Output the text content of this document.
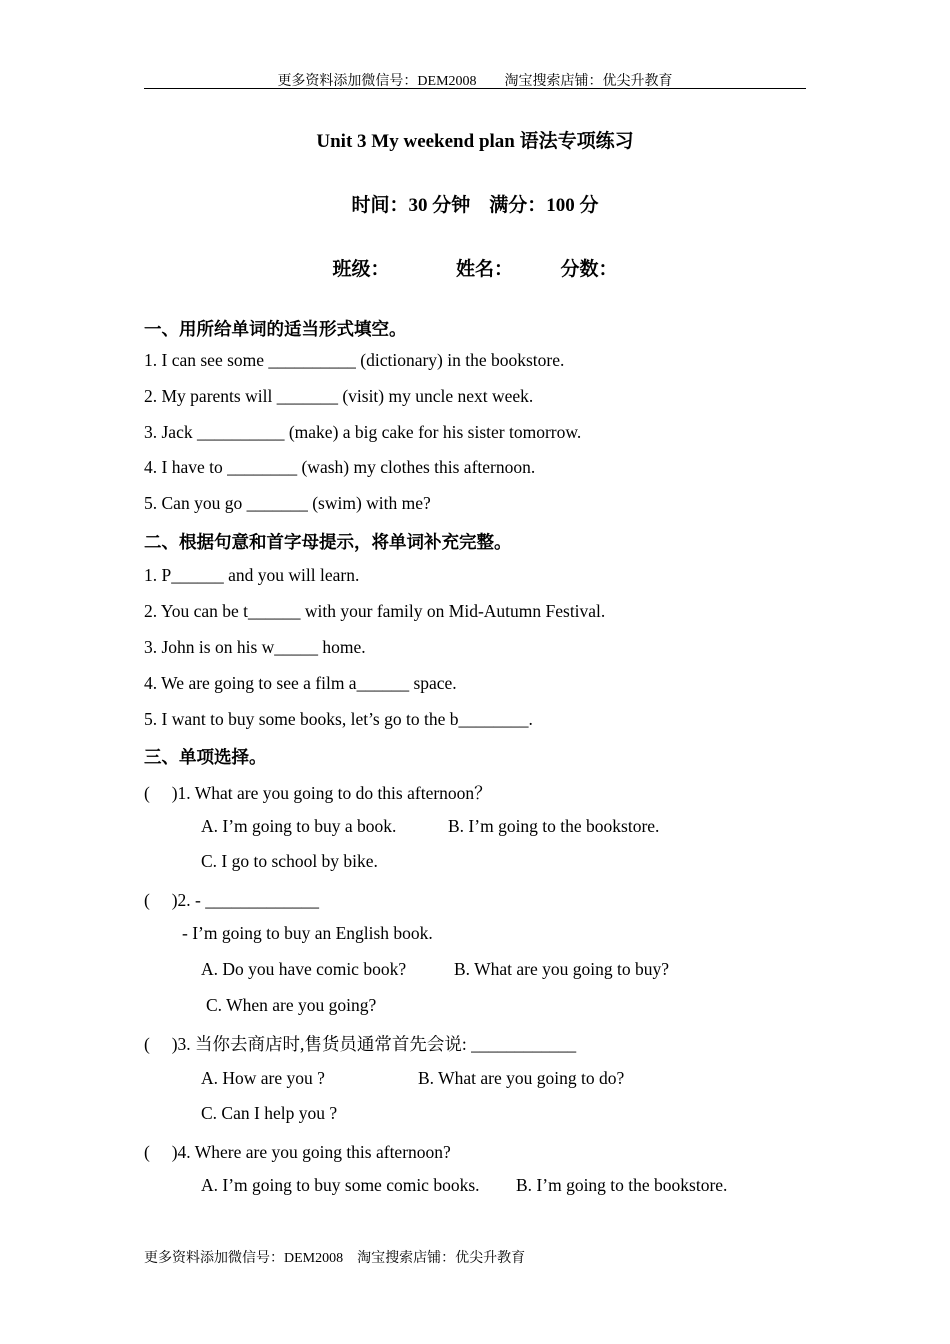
更多资料添加微信号：DEM2008　　淘宝搜索店铺：优尖升教育
Unit 3 My weekend plan 语法专项练习
时间：30 分钟　满分：100 分
班级：　　　　姓名：　　　分数：
一、用所给单词的适当形式填空。
1. I can see some __________ (dictionary) in the bookstore.
2. My parents will _______ (visit) my uncle next week.
3. Jack __________ (make) a big cake for his sister tomorrow.
4. I have to ________ (wash) my clothes this afternoon.
5. Can you go _______ (swim) with me?
二、根据句意和首字母提示，将单词补充完整。
1. P______ and you will learn.
2. You can be t______ with your family on Mid-Autumn Festival.
3. John is on his w_____ home.
4. We are going to see a film a______ space.
5. I want to buy some books, let’s go to the b________.
三、单项选择。
(　 )1. What are you going to do this afternoon？
A. I’m going to buy a book.	B. I’m going to the bookstore.
C. I go to school by bike.
(　 )2. - _____________
- I’m going to buy an English book.
A. Do you have comic book?	B. What are you going to buy?
C. When are you going?
(　 )3. 当你去商店时,售货员通常首先会说: ____________
A. How are you ?	B. What are you going to do?
C. Can I help you ?
(　 )4. Where are you going this afternoon?
A. I’m going to buy some comic books. B. I’m going to the bookstore.
更多资料添加微信号：DEM2008　淘宝搜索店铺：优尖升教育
